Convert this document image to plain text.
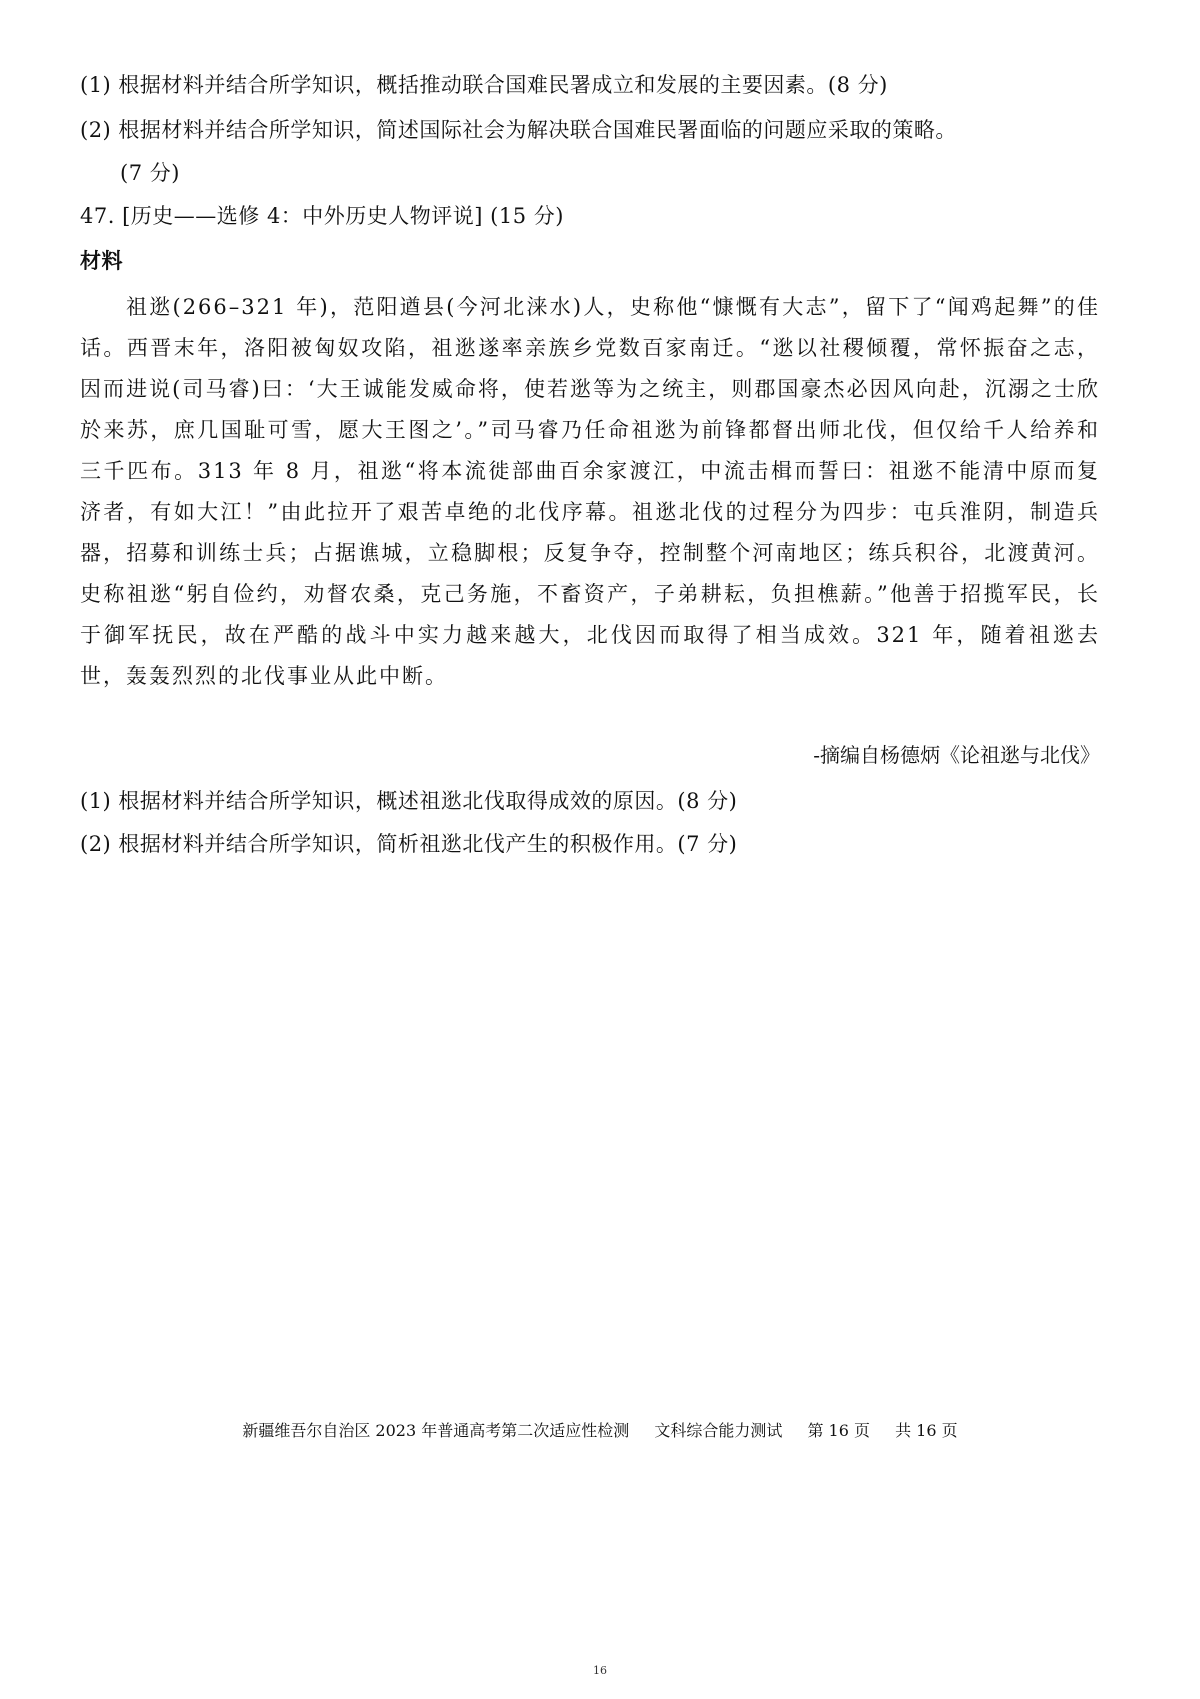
(1) 根据材料并结合所学知识，概括推动联合国难民署成立和发展的主要因素。(8 分)
(2) 根据材料并结合所学知识，简述国际社会为解决联合国难民署面临的问题应采取的策略。
(7 分)
47. [历史——选修 4：中外历史人物评说] (15 分)
材料
祖逖(266–321 年)，范阳遒县(今河北涞水)人，史称他“慷慨有大志”，留下了“闻鸡起舞”的佳话。西晋末年，洛阳被匈奴攻陷，祖逖遂率亲族乡党数百家南迁。“逖以社稷倾覆，常怀振奋之志，因而进说(司马睿)曰：‘大王诚能发威命将，使若逖等为之统主，则郡国豪杰必因风向赴，沉溺之士欣於来苏，庶几国耻可雪，愿大王图之’。”司马睿乃任命祖逖为前锋都督出师北伐，但仅给千人给养和三千匹布。313 年 8 月，祖逖“将本流徙部曲百余家渡江，中流击楫而誓曰：祖逖不能清中原而复济者，有如大江！”由此拉开了艰苦卓绝的北伐序幕。祖逖北伐的过程分为四步：屯兵淮阴，制造兵器，招募和训练士兵；占据谯城，立稳脚根；反复争夺，控制整个河南地区；练兵积谷，北渡黄河。史称祖逖“躬自俭约，劝督农桑，克己务施，不畜资产，子弟耕耘，负担樵薪。”他善于招揽军民，长于御军抚民，故在严酷的战斗中实力越来越大，北伐因而取得了相当成效。321 年，随着祖逖去世，轰轰烈烈的北伐事业从此中断。
-摘编自杨德炳《论祖逖与北伐》
(1) 根据材料并结合所学知识，概述祖逖北伐取得成效的原因。(8 分)
(2) 根据材料并结合所学知识，简析祖逖北伐产生的积极作用。(7 分)
新疆维吾尔自治区 2023 年普通高考第二次适应性检测 文科综合能力测试 第 16 页 共 16 页
16
